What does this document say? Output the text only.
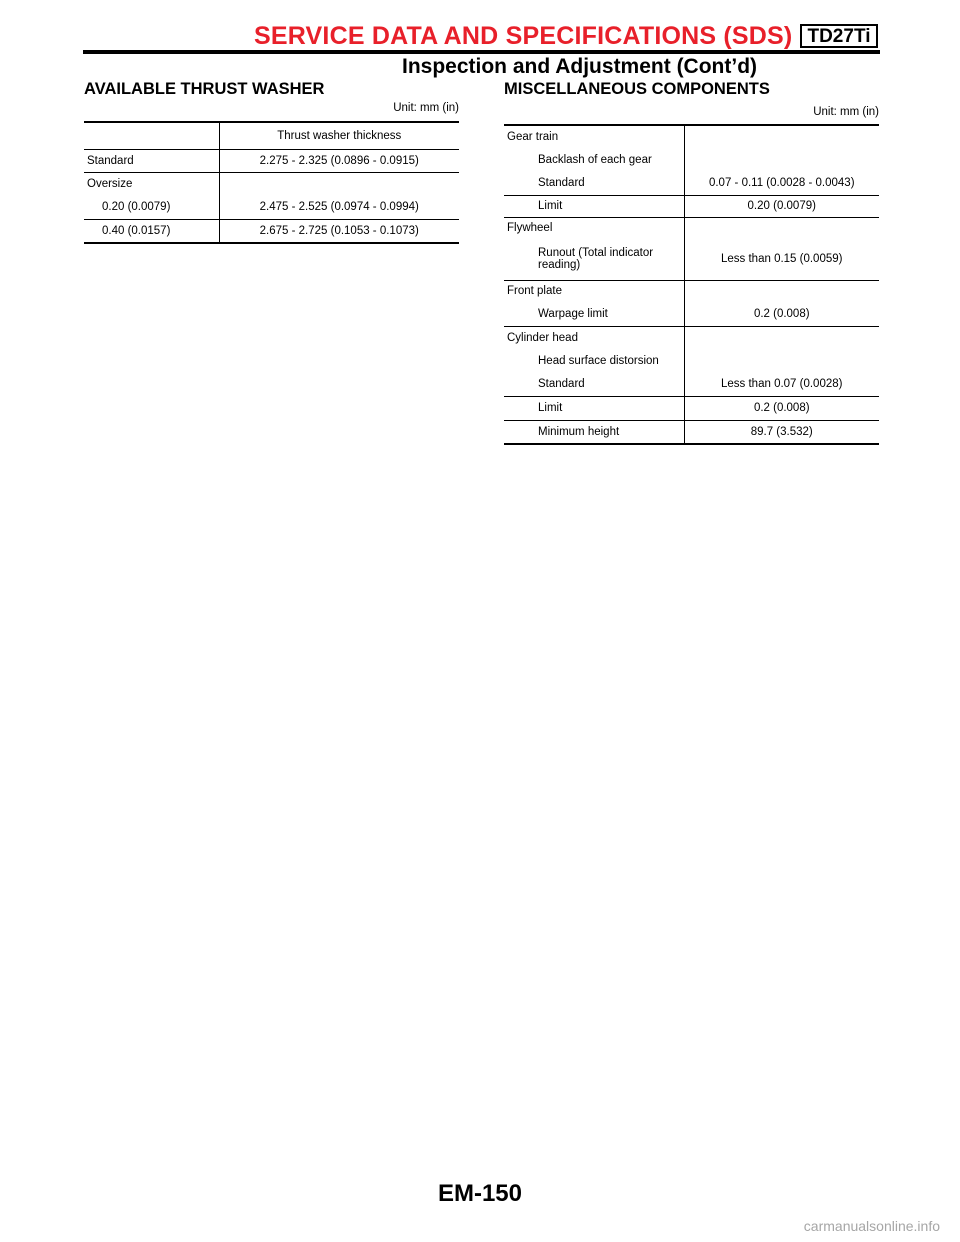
SERVICE DATA AND SPECIFICATIONS (SDS) TD27Ti
Inspection and Adjustment (Cont’d)
AVAILABLE THRUST WASHER
Unit: mm (in)
	Thrust washer thickness
Standard	2.275 - 2.325 (0.0896 - 0.0915)
Oversize	
0.20 (0.0079)	2.475 - 2.525 (0.0974 - 0.0994)
0.40 (0.0157)	2.675 - 2.725 (0.1053 - 0.1073)
MISCELLANEOUS COMPONENTS
Unit: mm (in)
Gear train	
Backlash of each gear	
Standard	0.07 - 0.11 (0.0028 - 0.0043)
Limit	0.20 (0.0079)
Flywheel	
Runout (Total indicator
reading)	Less than 0.15 (0.0059)
Front plate	
Warpage limit	0.2 (0.008)
Cylinder head	
Head surface distorsion	
Standard	Less than 0.07 (0.0028)
Limit	0.2 (0.008)
Minimum height	89.7 (3.532)
EM-150
carmanualsonline.info
